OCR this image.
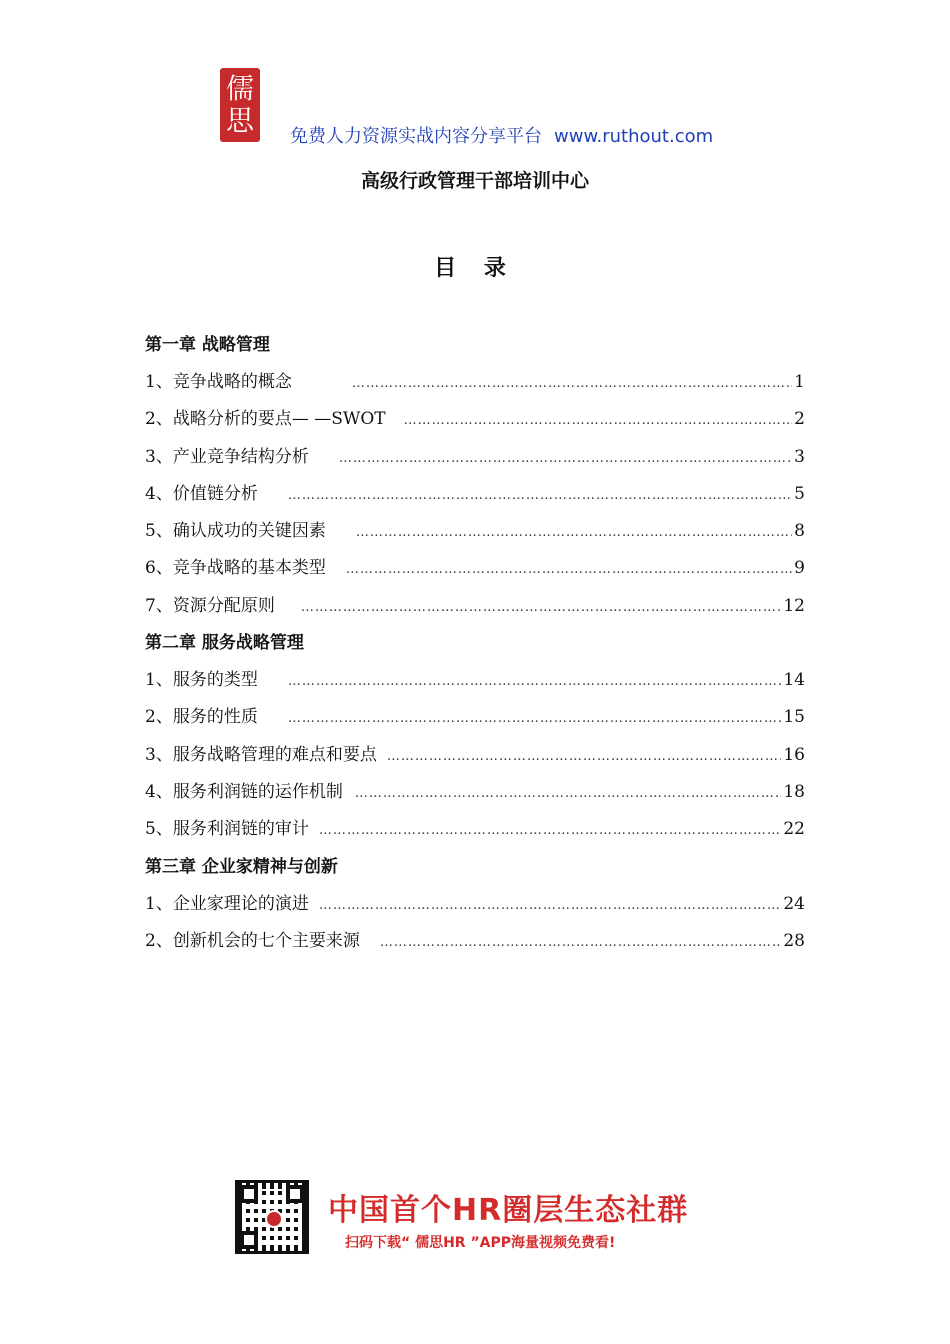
儒
思 免费人力资源实战内容分享平台 www.ruthout.com
高级行政管理干部培训中心
目 录
第一章 战略管理
1、竞争战略的概念 …………………………………………………………………………………………………………………………………………………………	1
2、战略分析的要点— —SWOT …………………………………………………………………………………………………………………………………………………………	2
3、产业竞争结构分析 …………………………………………………………………………………………………………………………………………………………	3
4、价值链分析 …………………………………………………………………………………………………………………………………………………………	5
5、确认成功的关键因素 …………………………………………………………………………………………………………………………………………………………	8
6、竞争战略的基本类型 …………………………………………………………………………………………………………………………………………………………	9
7、资源分配原则 …………………………………………………………………………………………………………………………………………………………	12
第二章 服务战略管理
1、服务的类型 …………………………………………………………………………………………………………………………………………………………	14
2、服务的性质 …………………………………………………………………………………………………………………………………………………………	15
3、服务战略管理的难点和要点 …………………………………………………………………………………………………………………………………………………………	16
4、服务利润链的运作机制 …………………………………………………………………………………………………………………………………………………………	18
5、服务利润链的审计 …………………………………………………………………………………………………………………………………………………………	22
第三章 企业家精神与创新
1、企业家理论的演进 …………………………………………………………………………………………………………………………………………………………	24
2、创新机会的七个主要来源 …………………………………………………………………………………………………………………………………………………………	28
中国首个HR圈层生态社群
扫码下载“ 儒思HR ”APP海量视频免费看!
